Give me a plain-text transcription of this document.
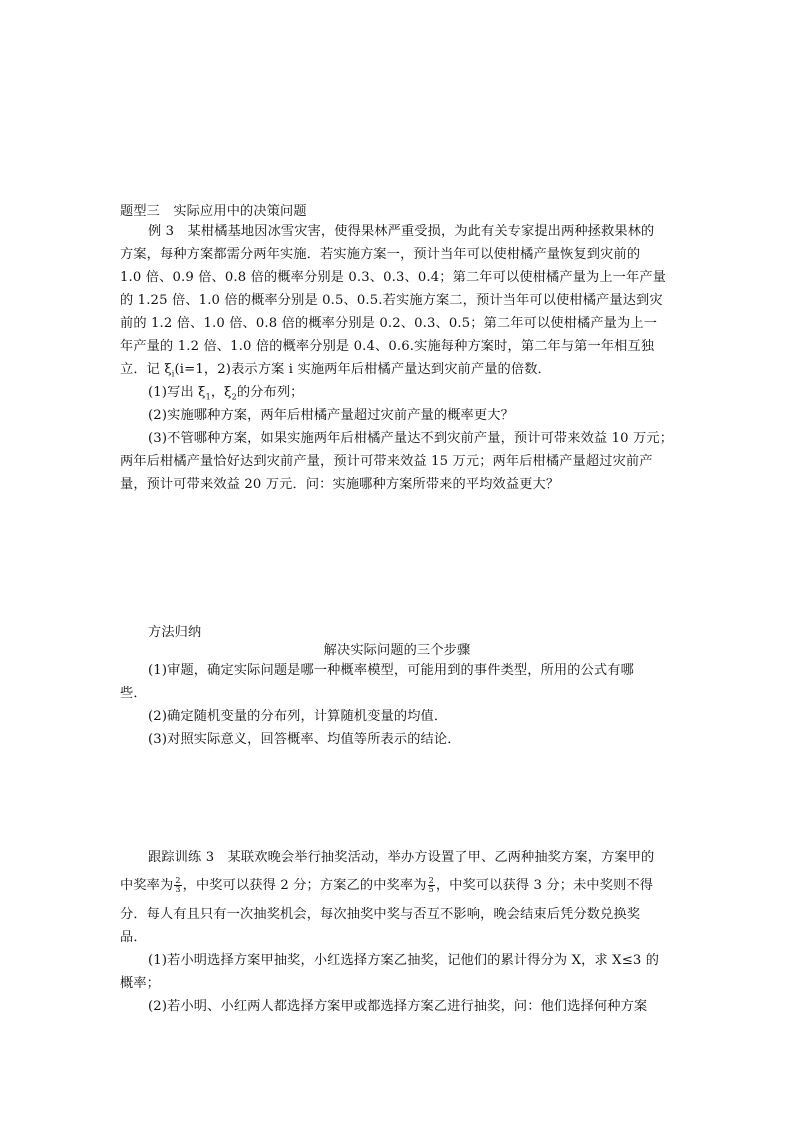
题型三　实际应用中的决策问题
例 3　某柑橘基地因冰雪灾害，使得果林严重受损，为此有关专家提出两种拯救果林的
方案，每种方案都需分两年实施．若实施方案一，预计当年可以使柑橘产量恢复到灾前的
1.0 倍、0.9 倍、0.8 倍的概率分别是 0.3、0.3、0.4；第二年可以使柑橘产量为上一年产量
的 1.25 倍、1.0 倍的概率分别是 0.5、0.5.若实施方案二，预计当年可以使柑橘产量达到灾
前的 1.2 倍、1.0 倍、0.8 倍的概率分别是 0.2、0.3、0.5；第二年可以使柑橘产量为上一
年产量的 1.2 倍、1.0 倍的概率分别是 0.4、0.6.实施每种方案时，第二年与第一年相互独
立．记 $\xi_i(i=1$，2)表示方案 i 实施两年后柑橘产量达到灾前产量的倍数．
(1)写出 $\xi_1$，$\xi_2$的分布列；
(2)实施哪种方案，两年后柑橘产量超过灾前产量的概率更大？
(3)不管哪种方案，如果实施两年后柑橘产量达不到灾前产量，预计可带来效益 10 万元；
两年后柑橘产量恰好达到灾前产量，预计可带来效益 15 万元；两年后柑橘产量超过灾前产
量，预计可带来效益 20 万元．问：实施哪种方案所带来的平均效益更大？
方法归纳
解决实际问题的三个步骤
(1)审题，确定实际问题是哪一种概率模型，可能用到的事件类型，所用的公式有哪
些．
(2)确定随机变量的分布列，计算随机变量的均值．
(3)对照实际意义，回答概率、均值等所表示的结论．
跟踪训练 3　某联欢晚会举行抽奖活动，举办方设置了甲、乙两种抽奖方案，方案甲的
中奖率为 $\frac{2}{3}$ ，中奖可以获得 2 分；方案乙的中奖率为 $\frac{2}{5}$ ，中奖可以获得 3 分；未中奖则不得
分．每人有且只有一次抽奖机会，每次抽奖中奖与否互不影响，晚会结束后凭分数兑换奖
品．
(1)若小明选择方案甲抽奖，小红选择方案乙抽奖，记他们的累计得分为 X，求 X≤3 的
概率；
(2)若小明、小红两人都选择方案甲或都选择方案乙进行抽奖，问：他们选择何种方案
